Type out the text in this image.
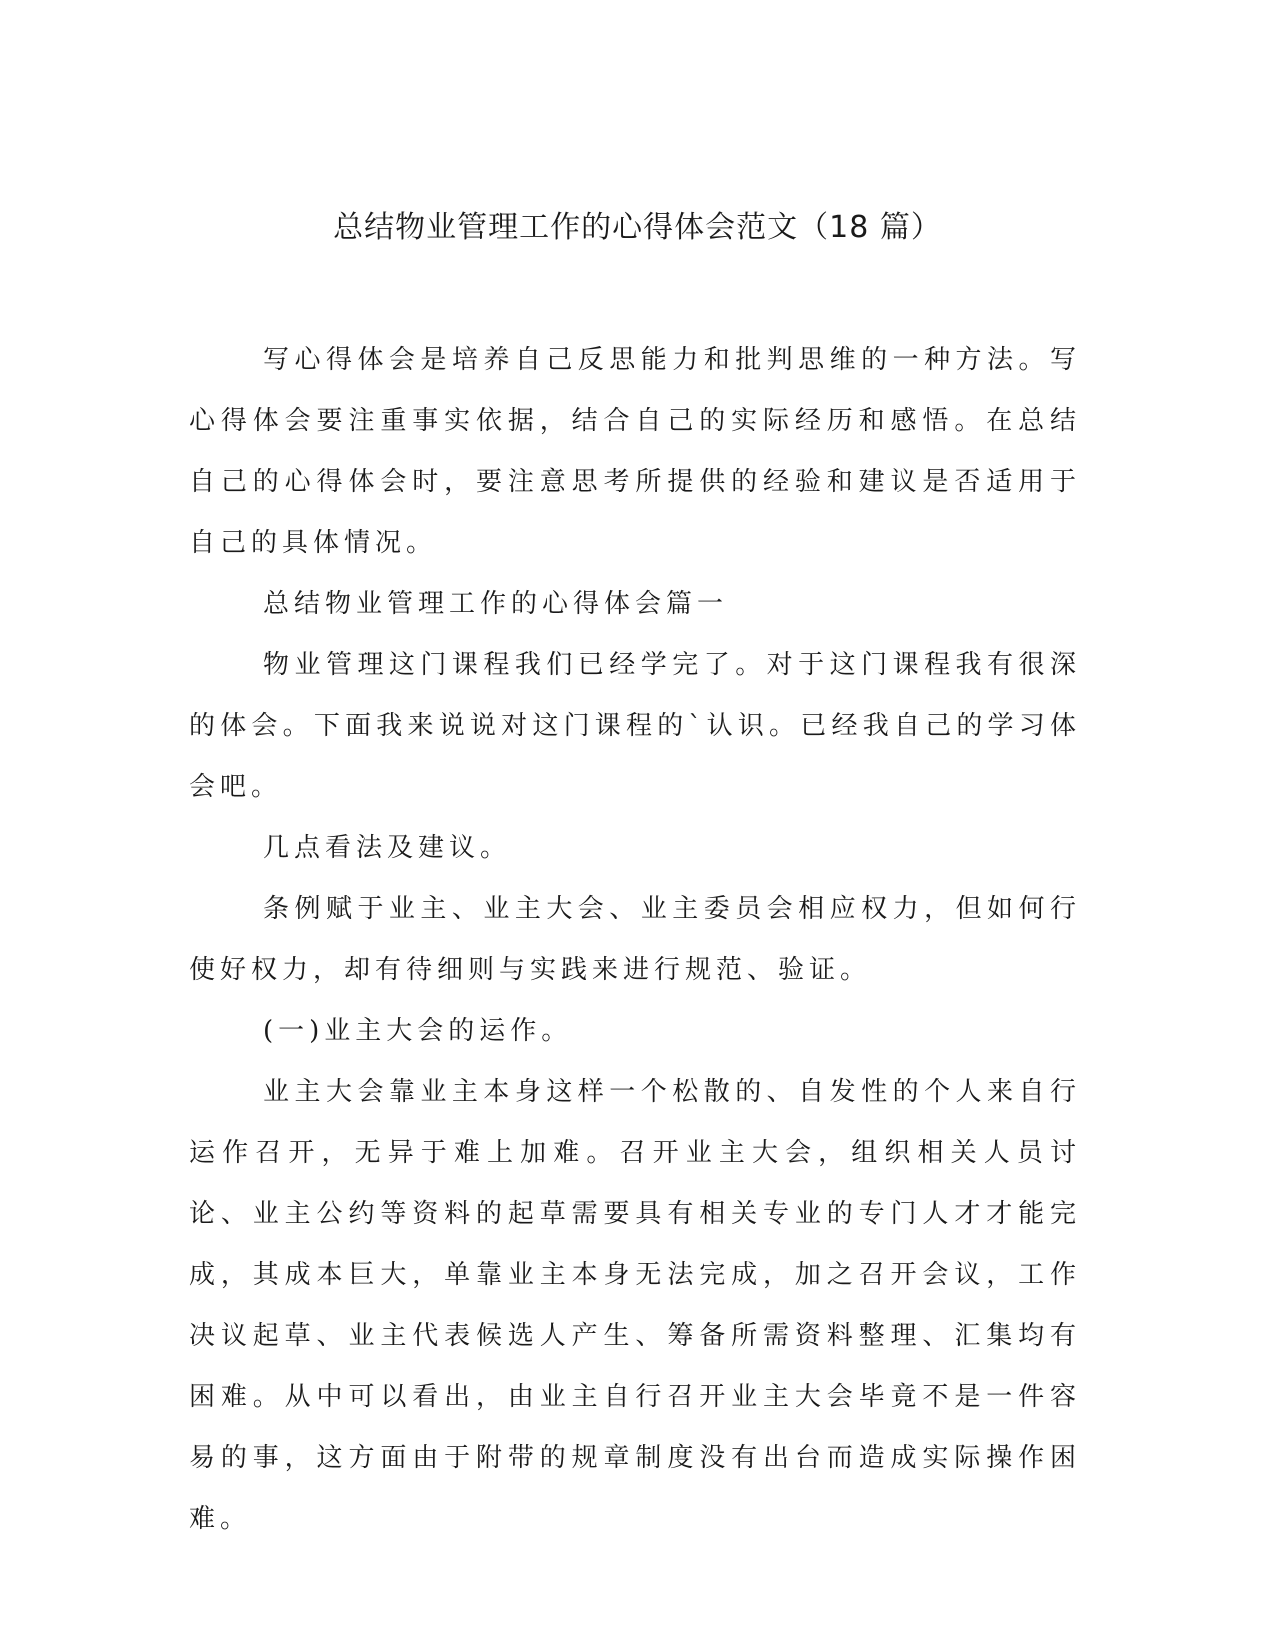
总结物业管理工作的心得体会范文（18 篇）

写心得体会是培养自己反思能力和批判思维的一种方法。写心得体会要注重事实依据，结合自己的实际经历和感悟。在总结自己的心得体会时，要注意思考所提供的经验和建议是否适用于自己的具体情况。

总结物业管理工作的心得体会篇一

物业管理这门课程我们已经学完了。对于这门课程我有很深的体会。下面我来说说对这门课程的`认识。已经我自己的学习体会吧。

几点看法及建议。

条例赋于业主、业主大会、业主委员会相应权力，但如何行使好权力，却有待细则与实践来进行规范、验证。

(一)业主大会的运作。

业主大会靠业主本身这样一个松散的、自发性的个人来自行运作召开，无异于难上加难。召开业主大会，组织相关人员讨论、业主公约等资料的起草需要具有相关专业的专门人才才能完成，其成本巨大，单靠业主本身无法完成，加之召开会议，工作决议起草、业主代表候选人产生、筹备所需资料整理、汇集均有困难。从中可以看出，由业主自行召开业主大会毕竟不是一件容易的事，这方面由于附带的规章制度没有出台而造成实际操作困难。
